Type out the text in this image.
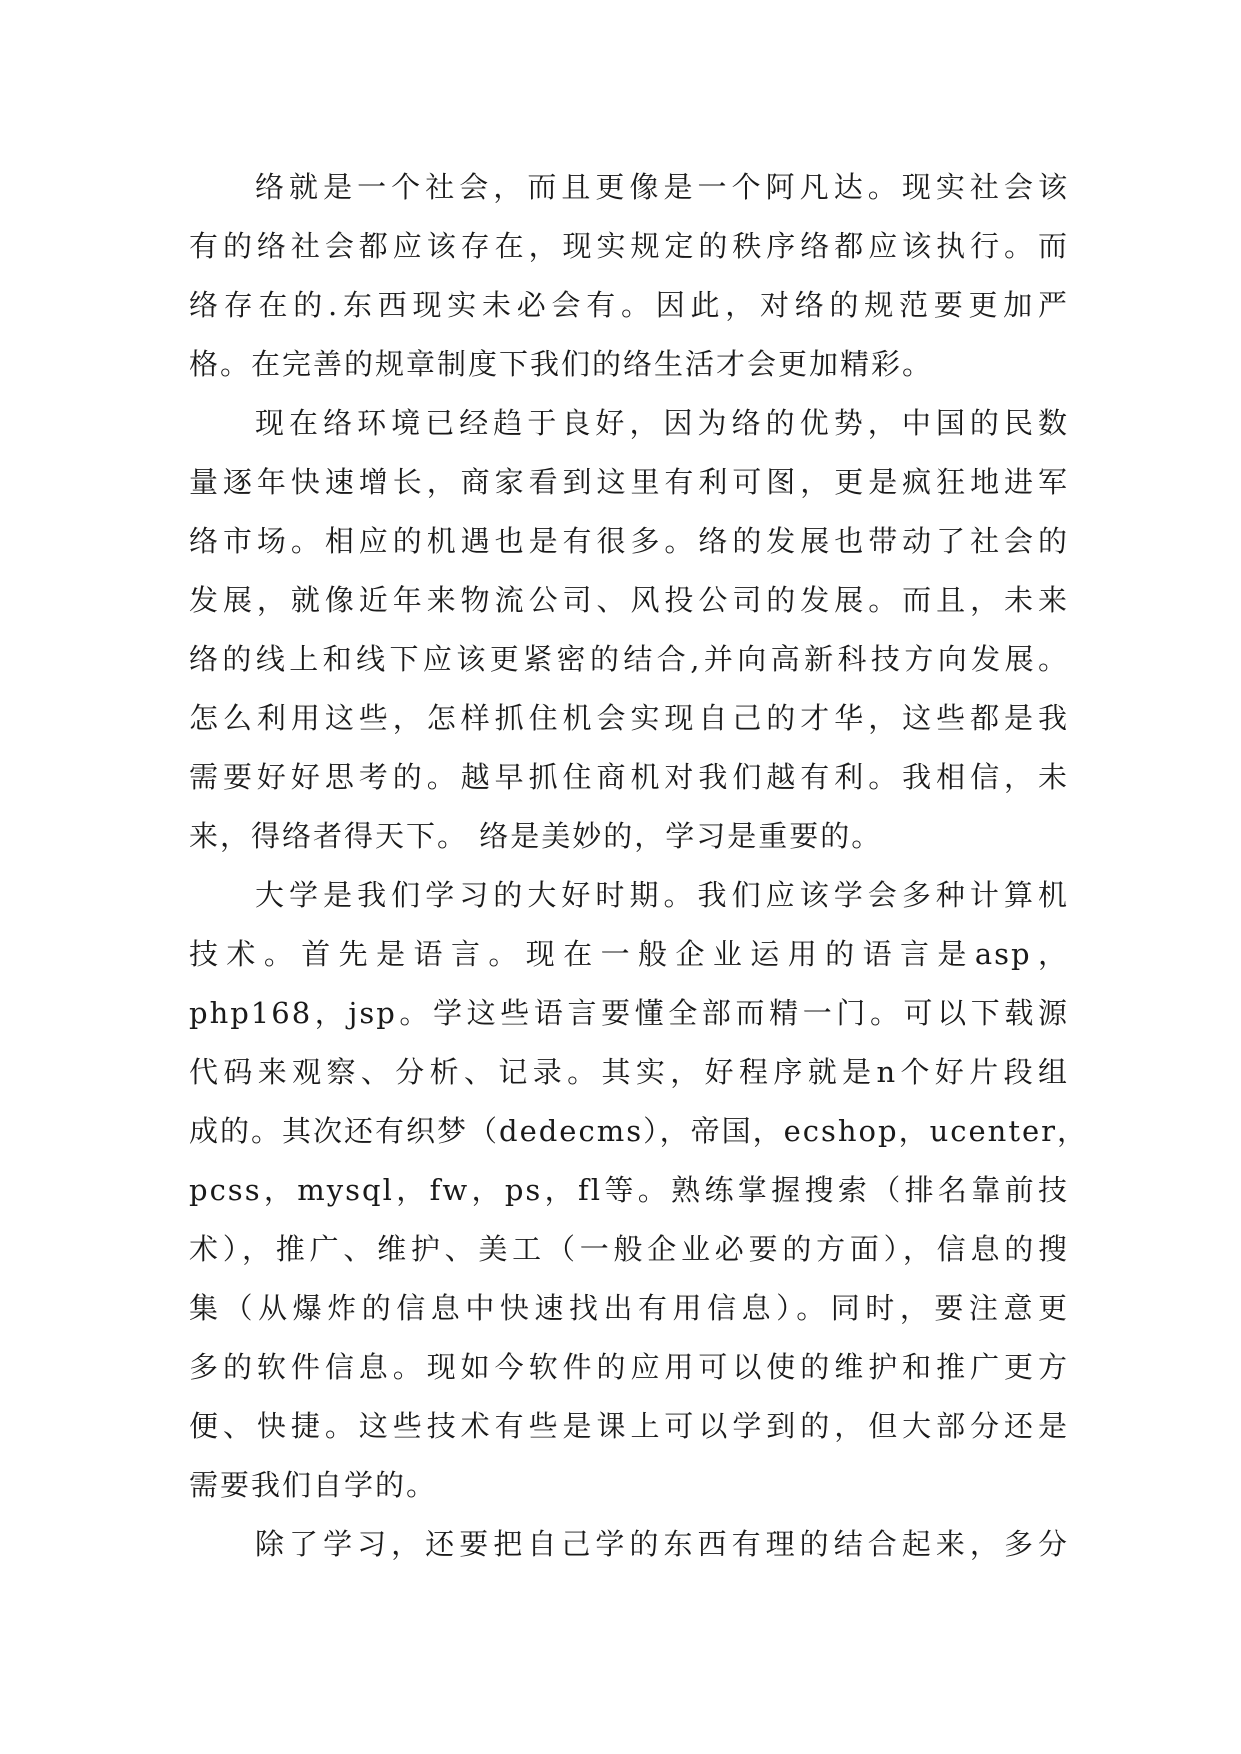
络就是一个社会，而且更像是一个阿凡达。现实社会该
有的络社会都应该存在，现实规定的秩序络都应该执行。而
络存在的.东西现实未必会有。因此，对络的规范要更加严
格。在完善的规章制度下我们的络生活才会更加精彩。
现在络环境已经趋于良好，因为络的优势，中国的民数
量逐年快速增长，商家看到这里有利可图，更是疯狂地进军
络市场。相应的机遇也是有很多。络的发展也带动了社会的
发展，就像近年来物流公司、风投公司的发展。而且，未来
络的线上和线下应该更紧密的结合,并向高新科技方向发展。
怎么利用这些，怎样抓住机会实现自己的才华，这些都是我
需要好好思考的。越早抓住商机对我们越有利。我相信，未
来，得络者得天下。 络是美妙的，学习是重要的。
大学是我们学习的大好时期。我们应该学会多种计算机
技术。首先是语言。现在一般企业运用的语言是asp，
php168，jsp。学这些语言要懂全部而精一门。可以下载源
代码来观察、分析、记录。其实，好程序就是n个好片段组
成的。其次还有织梦（dedecms），帝国，ecshop，ucenter，
pcss，mysql，fw，ps，fl等。熟练掌握搜索（排名靠前技
术），推广、维护、美工（一般企业必要的方面），信息的搜
集（从爆炸的信息中快速找出有用信息）。同时，要注意更
多的软件信息。现如今软件的应用可以使的维护和推广更方
便、快捷。这些技术有些是课上可以学到的，但大部分还是
需要我们自学的。
除了学习，还要把自己学的东西有理的结合起来，多分
